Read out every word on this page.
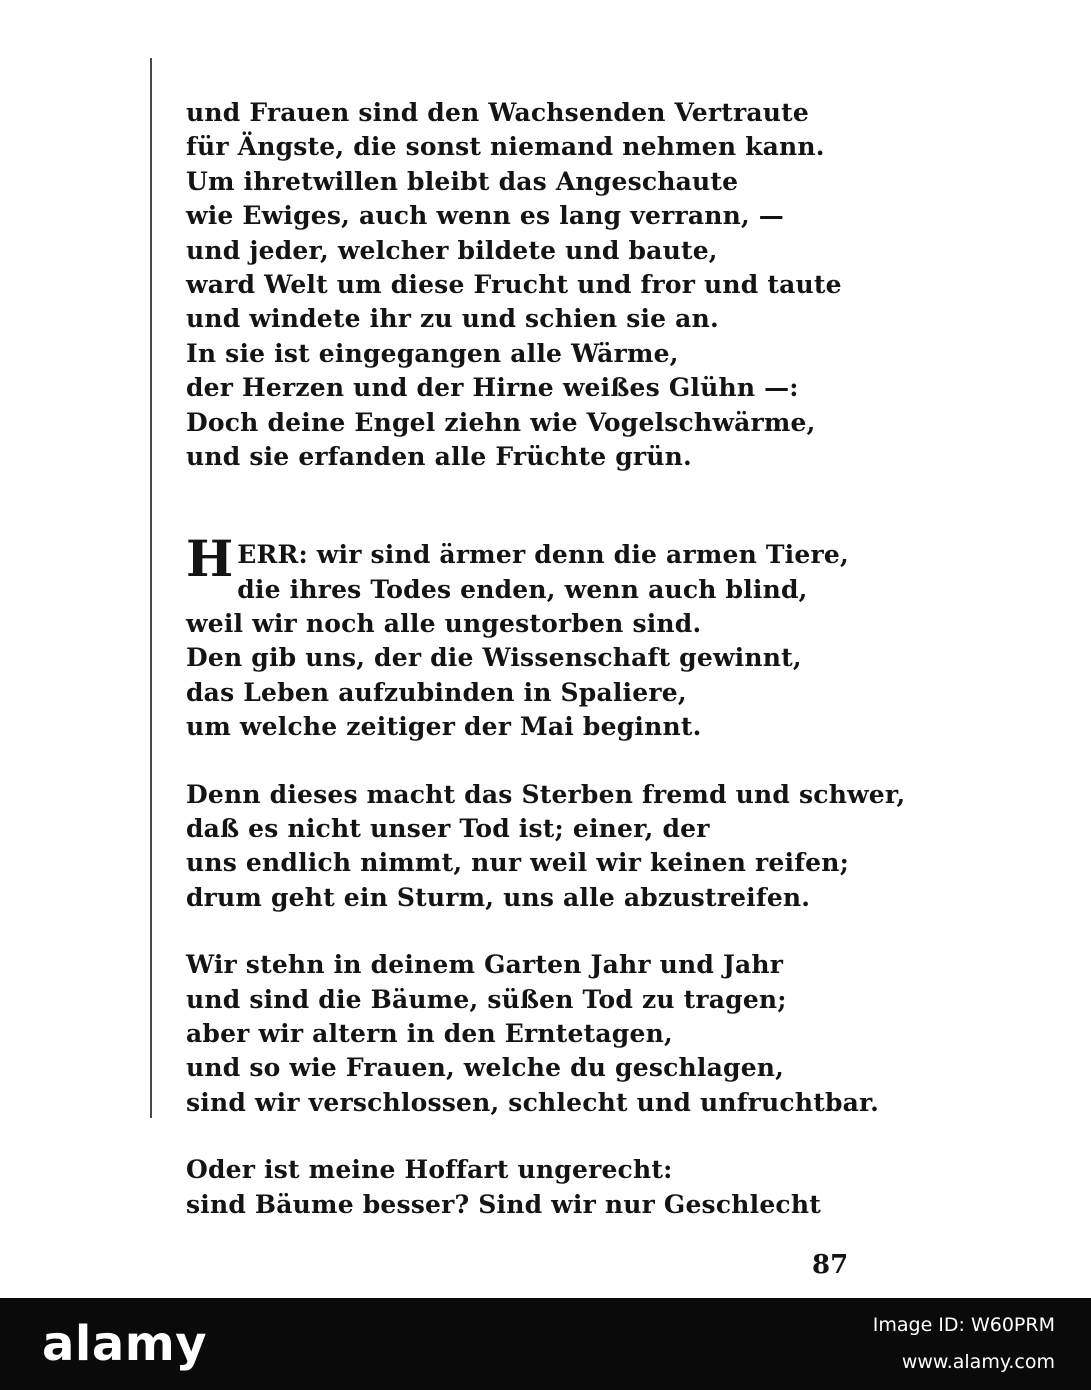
und Frauen sind den Wachsenden Vertraute
für Ängste, die sonst niemand nehmen kann.
Um ihretwillen bleibt das Angeschaute
wie Ewiges, auch wenn es lang verrann, —
und jeder, welcher bildete und baute,
ward Welt um diese Frucht und fror und taute
und windete ihr zu und schien sie an.
In sie ist eingegangen alle Wärme,
der Herzen und der Hirne weißes Glühn —:
Doch deine Engel ziehn wie Vogelschwärme,
und sie erfanden alle Früchte grün.
H ERR: wir sind ärmer denn die armen Tiere,
die ihres Todes enden, wenn auch blind,
weil wir noch alle ungestorben sind.
Den gib uns, der die Wissenschaft gewinnt,
das Leben aufzubinden in Spaliere,
um welche zeitiger der Mai beginnt.
Denn dieses macht das Sterben fremd und schwer,
daß es nicht unser Tod ist; einer, der
uns endlich nimmt, nur weil wir keinen reifen;
drum geht ein Sturm, uns alle abzustreifen.
Wir stehn in deinem Garten Jahr und Jahr
und sind die Bäume, süßen Tod zu tragen;
aber wir altern in den Erntetagen,
und so wie Frauen, welche du geschlagen,
sind wir verschlossen, schlecht und unfruchtbar.
Oder ist meine Hoffart ungerecht:
sind Bäume besser? Sind wir nur Geschlecht
87
alamy	Image ID: W60PRM
www.alamy.com
